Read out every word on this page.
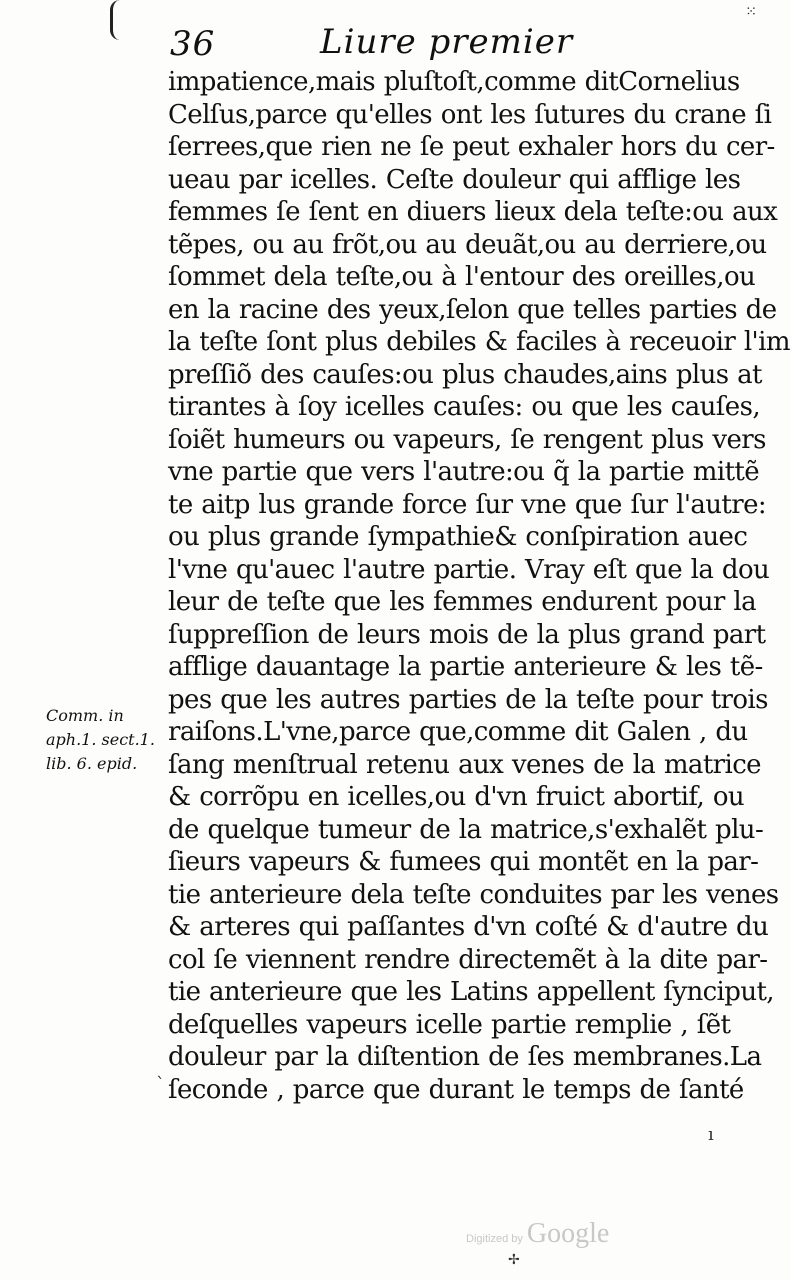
⁙
36	Liure premier
impatience,mais pluſtoſt,comme ditCornelius
Celſus,parce qu'elles ont les ſutures du crane ſi
ſerrees,que rien ne ſe peut exhaler hors du cer-
ueau par icelles. Ceſte douleur qui afflige les
femmes ſe ſent en diuers lieux dela teſte:ou aux
tẽpes, ou au frõt,ou au deuãt,ou au derriere,ou
ſommet dela teſte,ou à l'entour des oreilles,ou
en la racine des yeux,ſelon que telles parties de
la teſte ſont plus debiles & faciles à receuoir l'im
preſſiõ des cauſes:ou plus chaudes,ains plus at
tirantes à ſoy icelles cauſes: ou que les cauſes,
ſoiẽt humeurs ou vapeurs, ſe rengent plus vers
vne partie que vers l'autre:ou q̃ la partie mittẽ
te aitp lus grande force ſur vne que ſur l'autre:
ou plus grande ſympathie& conſpiration auec
l'vne qu'auec l'autre partie. Vray eſt que la dou
leur de teſte que les femmes endurent pour la
ſuppreſſion de leurs mois de la plus grand part
afflige dauantage la partie anterieure & les tẽ-
pes que les autres parties de la teſte pour trois
raiſons.L'vne,parce que,comme dit Galen , du
ſang menſtrual retenu aux venes de la matrice
& corrõpu en icelles,ou d'vn fruict abortif, ou
de quelque tumeur de la matrice,s'exhalẽt plu-
ſieurs vapeurs & fumees qui montẽt en la par-
tie anterieure dela teſte conduites par les venes
& arteres qui paſſantes d'vn coſté & d'autre du
col ſe viennent rendre directemẽt à la dite par-
tie anterieure que les Latins appellent ſynciput,
deſquelles vapeurs icelle partie remplie , ſẽt
douleur par la diſtention de ſes membranes.La
ſeconde , parce que durant le temps de ſanté
Comm. in
aph.1. sect.1.
lib. 6. epid.
`
ı
Digitized by Google
✢
